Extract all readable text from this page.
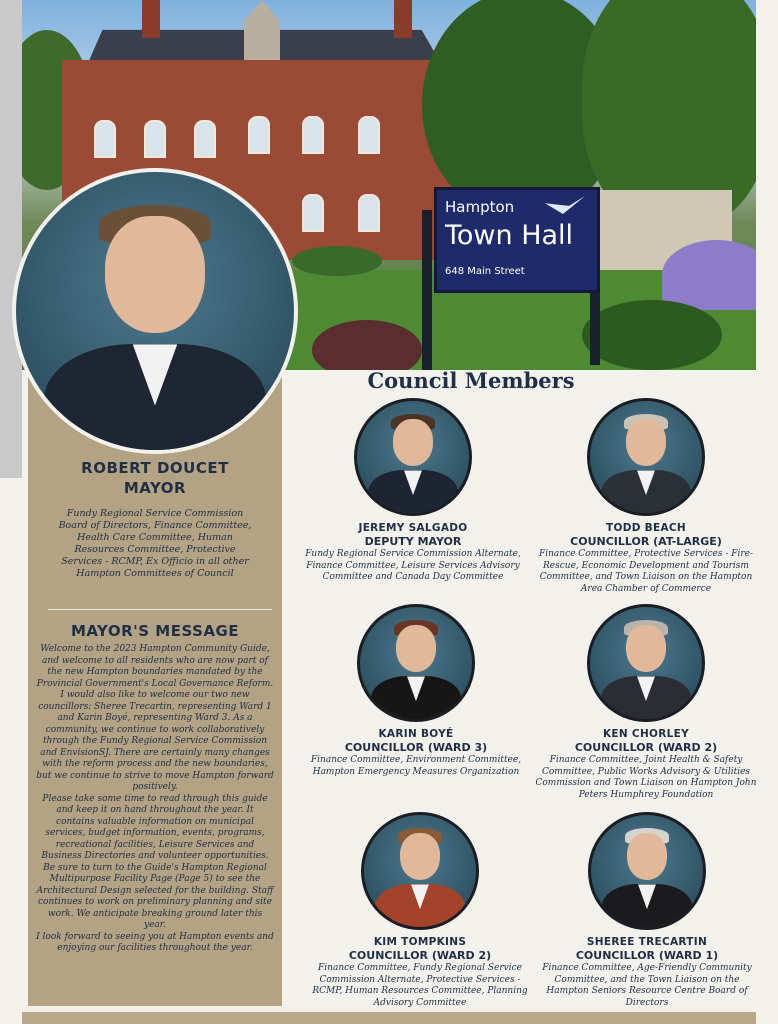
Hampton
Town Hall
648 Main Street
ROBERT DOUCET
MAYOR
Fundy Regional Service Commission Board of Directors, Finance Committee, Health Care Committee, Human Resources Committee, Protective Services - RCMP, Ex Officio in all other Hampton Committees of Council
MAYOR'S MESSAGE

Welcome to the 2023 Hampton Community Guide, and welcome to all residents who are now part of the new Hampton boundaries mandated by the Provincial Government's Local Governance Reform.

I would also like to welcome our two new councillors: Sheree Trecartin, representing Ward 1 and Karin Boyé, representing Ward 3. As a community, we continue to work collaboratively through the Fundy Regional Service Commission and EnvisionSJ. There are certainly many changes with the reform process and the new boundaries, but we continue to strive to move Hampton forward positively.

Please take some time to read through this guide and keep it on hand throughout the year. It contains valuable information on municipal services, budget information, events, programs, recreational facilities, Leisure Services and Business Directories and volunteer opportunities. Be sure to turn to the Guide's Hampton Regional Multipurpose Facility Page (Page 5) to see the Architectural Design selected for the building. Staff continues to work on preliminary planning and site work. We anticipate breaking ground later this year.

I look forward to seeing you at Hampton events and enjoying our facilities throughout the year.

Council Members
JEREMY SALGADO
DEPUTY MAYOR
Fundy Regional Service Commission Alternate, Finance Committee, Leisure Services Advisory Committee and Canada Day Committee
TODD BEACH
COUNCILLOR (AT-LARGE)
Finance Committee, Protective Services - Fire-Rescue, Economic Development and Tourism Committee, and Town Liaison on the Hampton Area Chamber of Commerce
KARIN BOYÉ
COUNCILLOR (WARD 3)
Finance Committee, Environment Committee, Hampton Emergency Measures Organization
KEN CHORLEY
COUNCILLOR (WARD 2)
Finance Committee, Joint Health & Safety Committee, Public Works Advisory & Utilities Commission and Town Liaison on Hampton John Peters Humphrey Foundation
KIM TOMPKINS
COUNCILLOR (WARD 2)
Finance Committee, Fundy Regional Service Commission Alternate, Protective Services - RCMP, Human Resources Committee, Planning Advisory Committee
SHEREE TRECARTIN
COUNCILLOR (WARD 1)
Finance Committee, Age-Friendly Community Committee, and the Town Liaison on the Hampton Seniors Resource Centre Board of Directors
